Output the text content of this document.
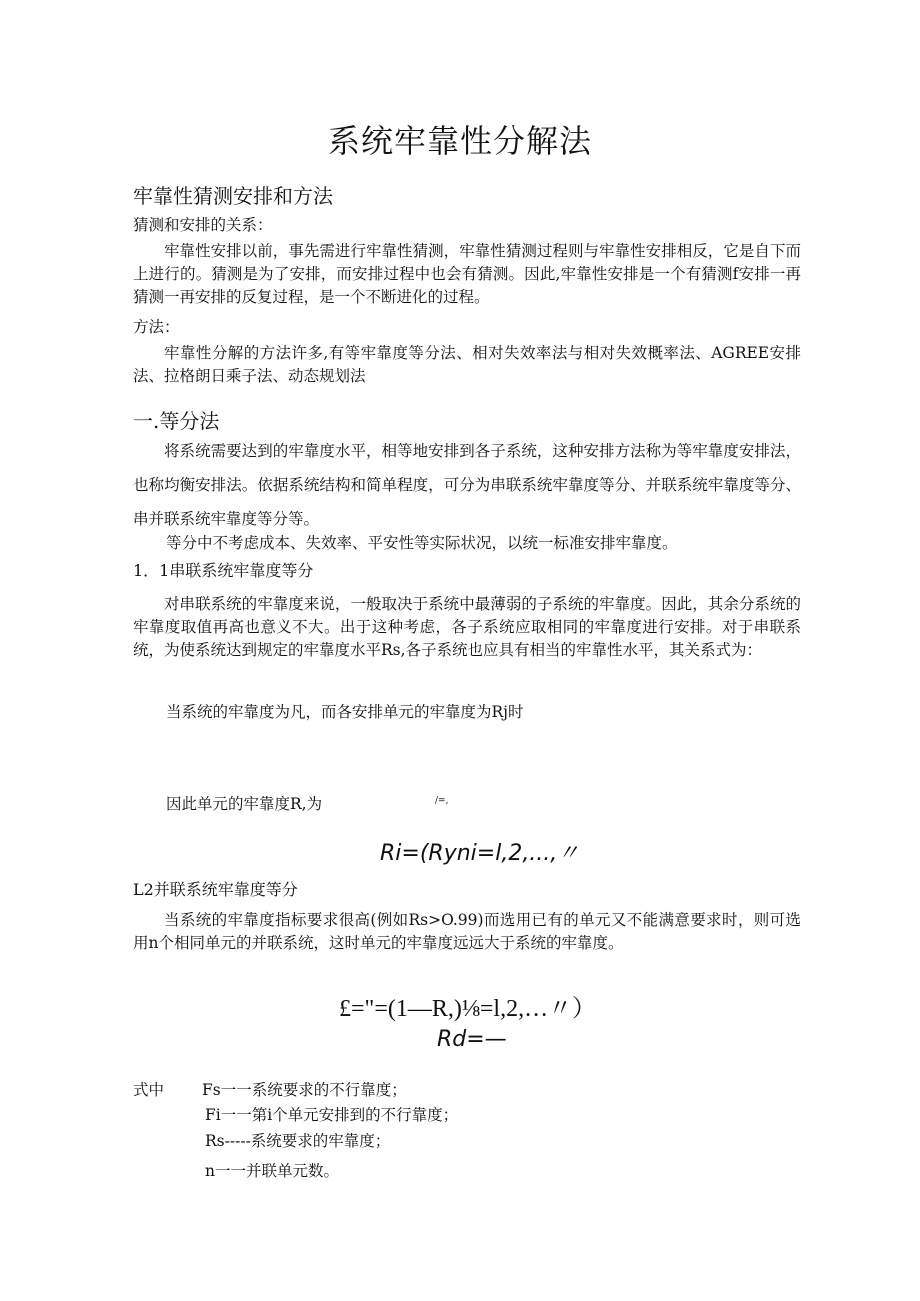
系统牢靠性分解法
牢靠性猜测安排和方法
猜测和安排的关系：
牢靠性安排以前，事先需进行牢靠性猜测，牢靠性猜测过程则与牢靠性安排相反，它是自下而上进行的。猜测是为了安排，而安排过程中也会有猜测。因此,牢靠性安排是一个有猜测f安排一再猜测一再安排的反复过程，是一个不断进化的过程。
方法：
牢靠性分解的方法许多,有等牢靠度等分法、相对失效率法与相对失效概率法、AGREE安排法、拉格朗日乘子法、动态规划法
一.等分法
将系统需要达到的牢靠度水平，相等地安排到各子系统，这种安排方法称为等牢靠度安排法，也称均衡安排法。依据系统结构和简单程度，可分为串联系统牢靠度等分、并联系统牢靠度等分、串并联系统牢靠度等分等。
等分中不考虑成本、失效率、平安性等实际状况，以统一标准安排牢靠度。
1．1串联系统牢靠度等分
对串联系统的牢靠度来说，一般取决于系统中最薄弱的子系统的牢靠度。因此，其余分系统的牢靠度取值再高也意义不大。出于这种考虑，各子系统应取相同的牢靠度进行安排。对于串联系统，为使系统达到规定的牢靠度水平Rs,各子系统也应具有相当的牢靠性水平，其关系式为：
当系统的牢靠度为凡，而各安排单元的牢靠度为Rj时
因此单元的牢靠度R,为	/=,
Ri=(Ryni=l,2,...,〃
L2并联系统牢靠度等分
当系统的牢靠度指标要求很高(例如Rs>O.99)而选用已有的单元又不能满意要求时，则可选用n个相同单元的并联系统，这时单元的牢靠度远远大于系统的牢靠度。
£="=(1—R,)⅛=l,2,…〃）
Rd=—
式中 Fs一一系统要求的不行靠度；
Fi一一第i个单元安排到的不行靠度；
Rs-----系统要求的牢靠度；
n一一并联单元数。
